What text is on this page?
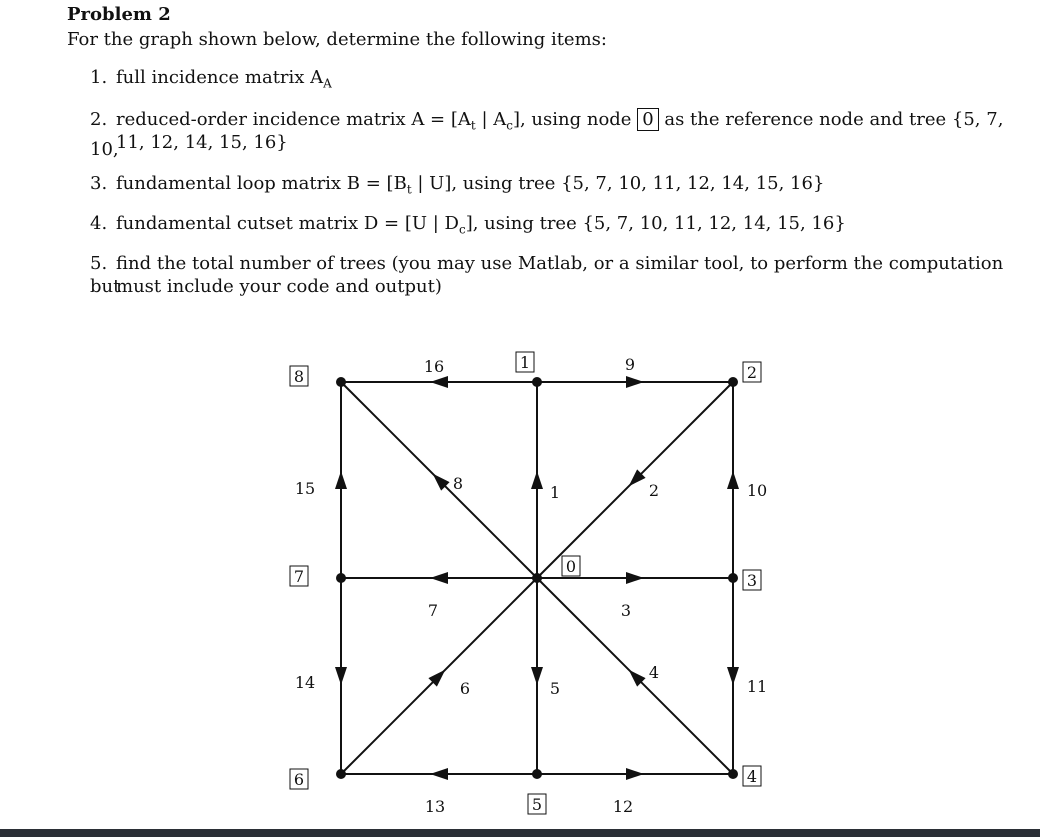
Problem 2
For the graph shown below, determine the following items:
1. full incidence matrix $A_A$
2. reduced-order incidence matrix $A = [A_t$ | $A_c$], using node 0 as the reference node and tree {5, 7, 10,
11, 12, 14, 15, 16}
3. fundamental loop matrix $B = [B_t$ | U], using tree {5, 7, 10, 11, 12, 14, 15, 16}
4. fundamental cutset matrix D = [U | $D_c$], using tree {5, 7, 10, 11, 12, 14, 15, 16}
5. find the total number of trees (you may use Matlab, or a similar tool, to perform the computation but
must include your code and output)
1	2
3
4
5
6
7
8
9
10
11
12
13
14
15
16
0
1
2
3
4
5
6
7
8
